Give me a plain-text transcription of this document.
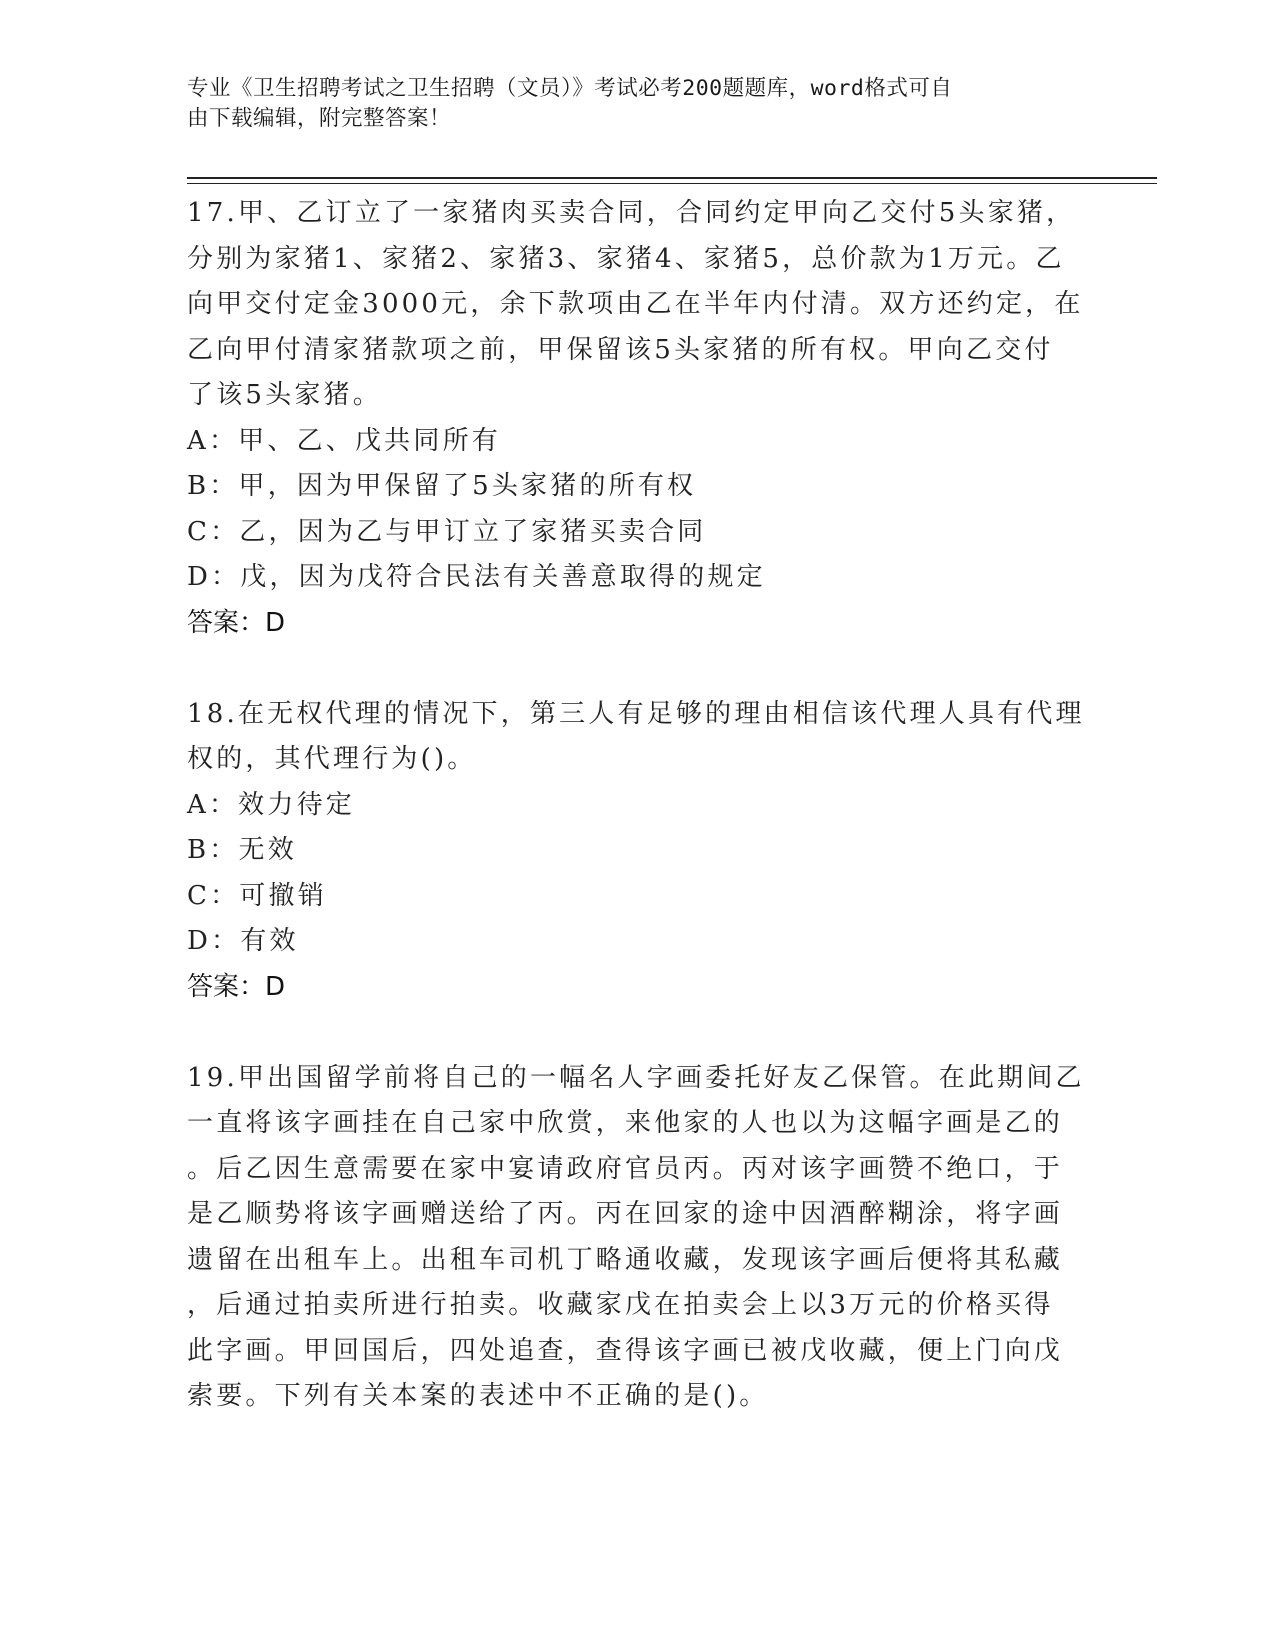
专业《卫生招聘考试之卫生招聘（文员）》考试必考200题题库，word格式可自
由下载编辑，附完整答案！

17.甲、乙订立了一家猪肉买卖合同，合同约定甲向乙交付5头家猪，

分别为家猪1、家猪2、家猪3、家猪4、家猪5，总价款为1万元。乙

向甲交付定金3000元，余下款项由乙在半年内付清。双方还约定，在

乙向甲付清家猪款项之前，甲保留该5头家猪的所有权。甲向乙交付

了该5头家猪。

A：甲、乙、戊共同所有

B：甲，因为甲保留了5头家猪的所有权

C：乙，因为乙与甲订立了家猪买卖合同

D：戊，因为戊符合民法有关善意取得的规定

答案：D

18.在无权代理的情况下，第三人有足够的理由相信该代理人具有代理

权的，其代理行为()。

A：效力待定

B：无效

C：可撤销

D：有效

答案：D

19.甲出国留学前将自己的一幅名人字画委托好友乙保管。在此期间乙

一直将该字画挂在自己家中欣赏，来他家的人也以为这幅字画是乙的

。后乙因生意需要在家中宴请政府官员丙。丙对该字画赞不绝口，于

是乙顺势将该字画赠送给了丙。丙在回家的途中因酒醉糊涂，将字画

遗留在出租车上。出租车司机丁略通收藏，发现该字画后便将其私藏

，后通过拍卖所进行拍卖。收藏家戊在拍卖会上以3万元的价格买得

此字画。甲回国后，四处追查，查得该字画已被戊收藏，便上门向戊

索要。下列有关本案的表述中不正确的是()。
